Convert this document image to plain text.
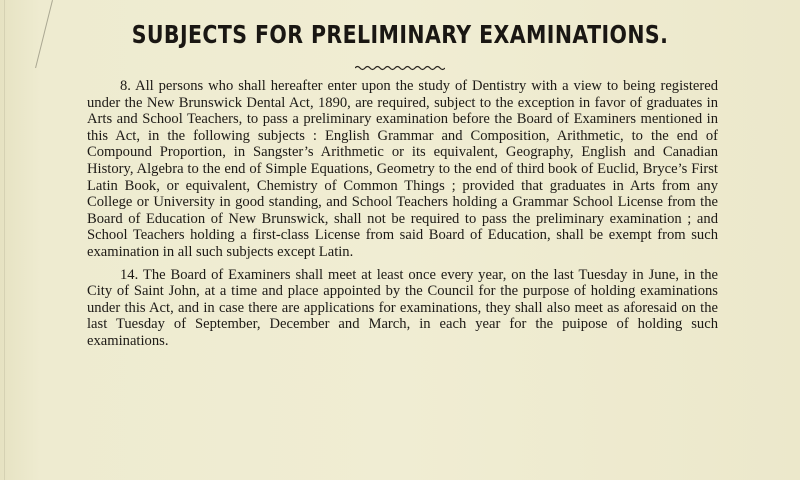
SUBJECTS FOR PRELIMINARY EXAMINATIONS.

8. All persons who shall hereafter enter upon the study of Dentistry with a view to being registered under the New Brunswick Dental Act, 1890, are required, subject to the exception in favor of graduates in Arts and School Teachers, to pass a preliminary examination before the Board of Examiners mentioned in this Act, in the following subjects : English Grammar and Composition, Arithmetic, to the end of Compound Proportion, in Sangster’s Arithmetic or its equivalent, Geography, English and Canadian History, Algebra to the end of Simple Equations, Geometry to the end of third book of Euclid, Bryce’s First Latin Book, or equivalent, Chemistry of Common Things ; provided that graduates in Arts from any College or University in good standing, and School Teachers holding a Grammar School License from the Board of Education of New Brunswick, shall not be required to pass the preliminary examination ; and School Teachers holding a first-class License from said Board of Education, shall be exempt from such examination in all such subjects except Latin.

14. The Board of Examiners shall meet at least once every year, on the last Tuesday in June, in the City of Saint John, at a time and place appointed by the Council for the purpose of holding examinations under this Act, and in case there are applications for examinations, they shall also meet as aforesaid on the last Tuesday of September, December and March, in each year for the puipose of holding such examinations.
